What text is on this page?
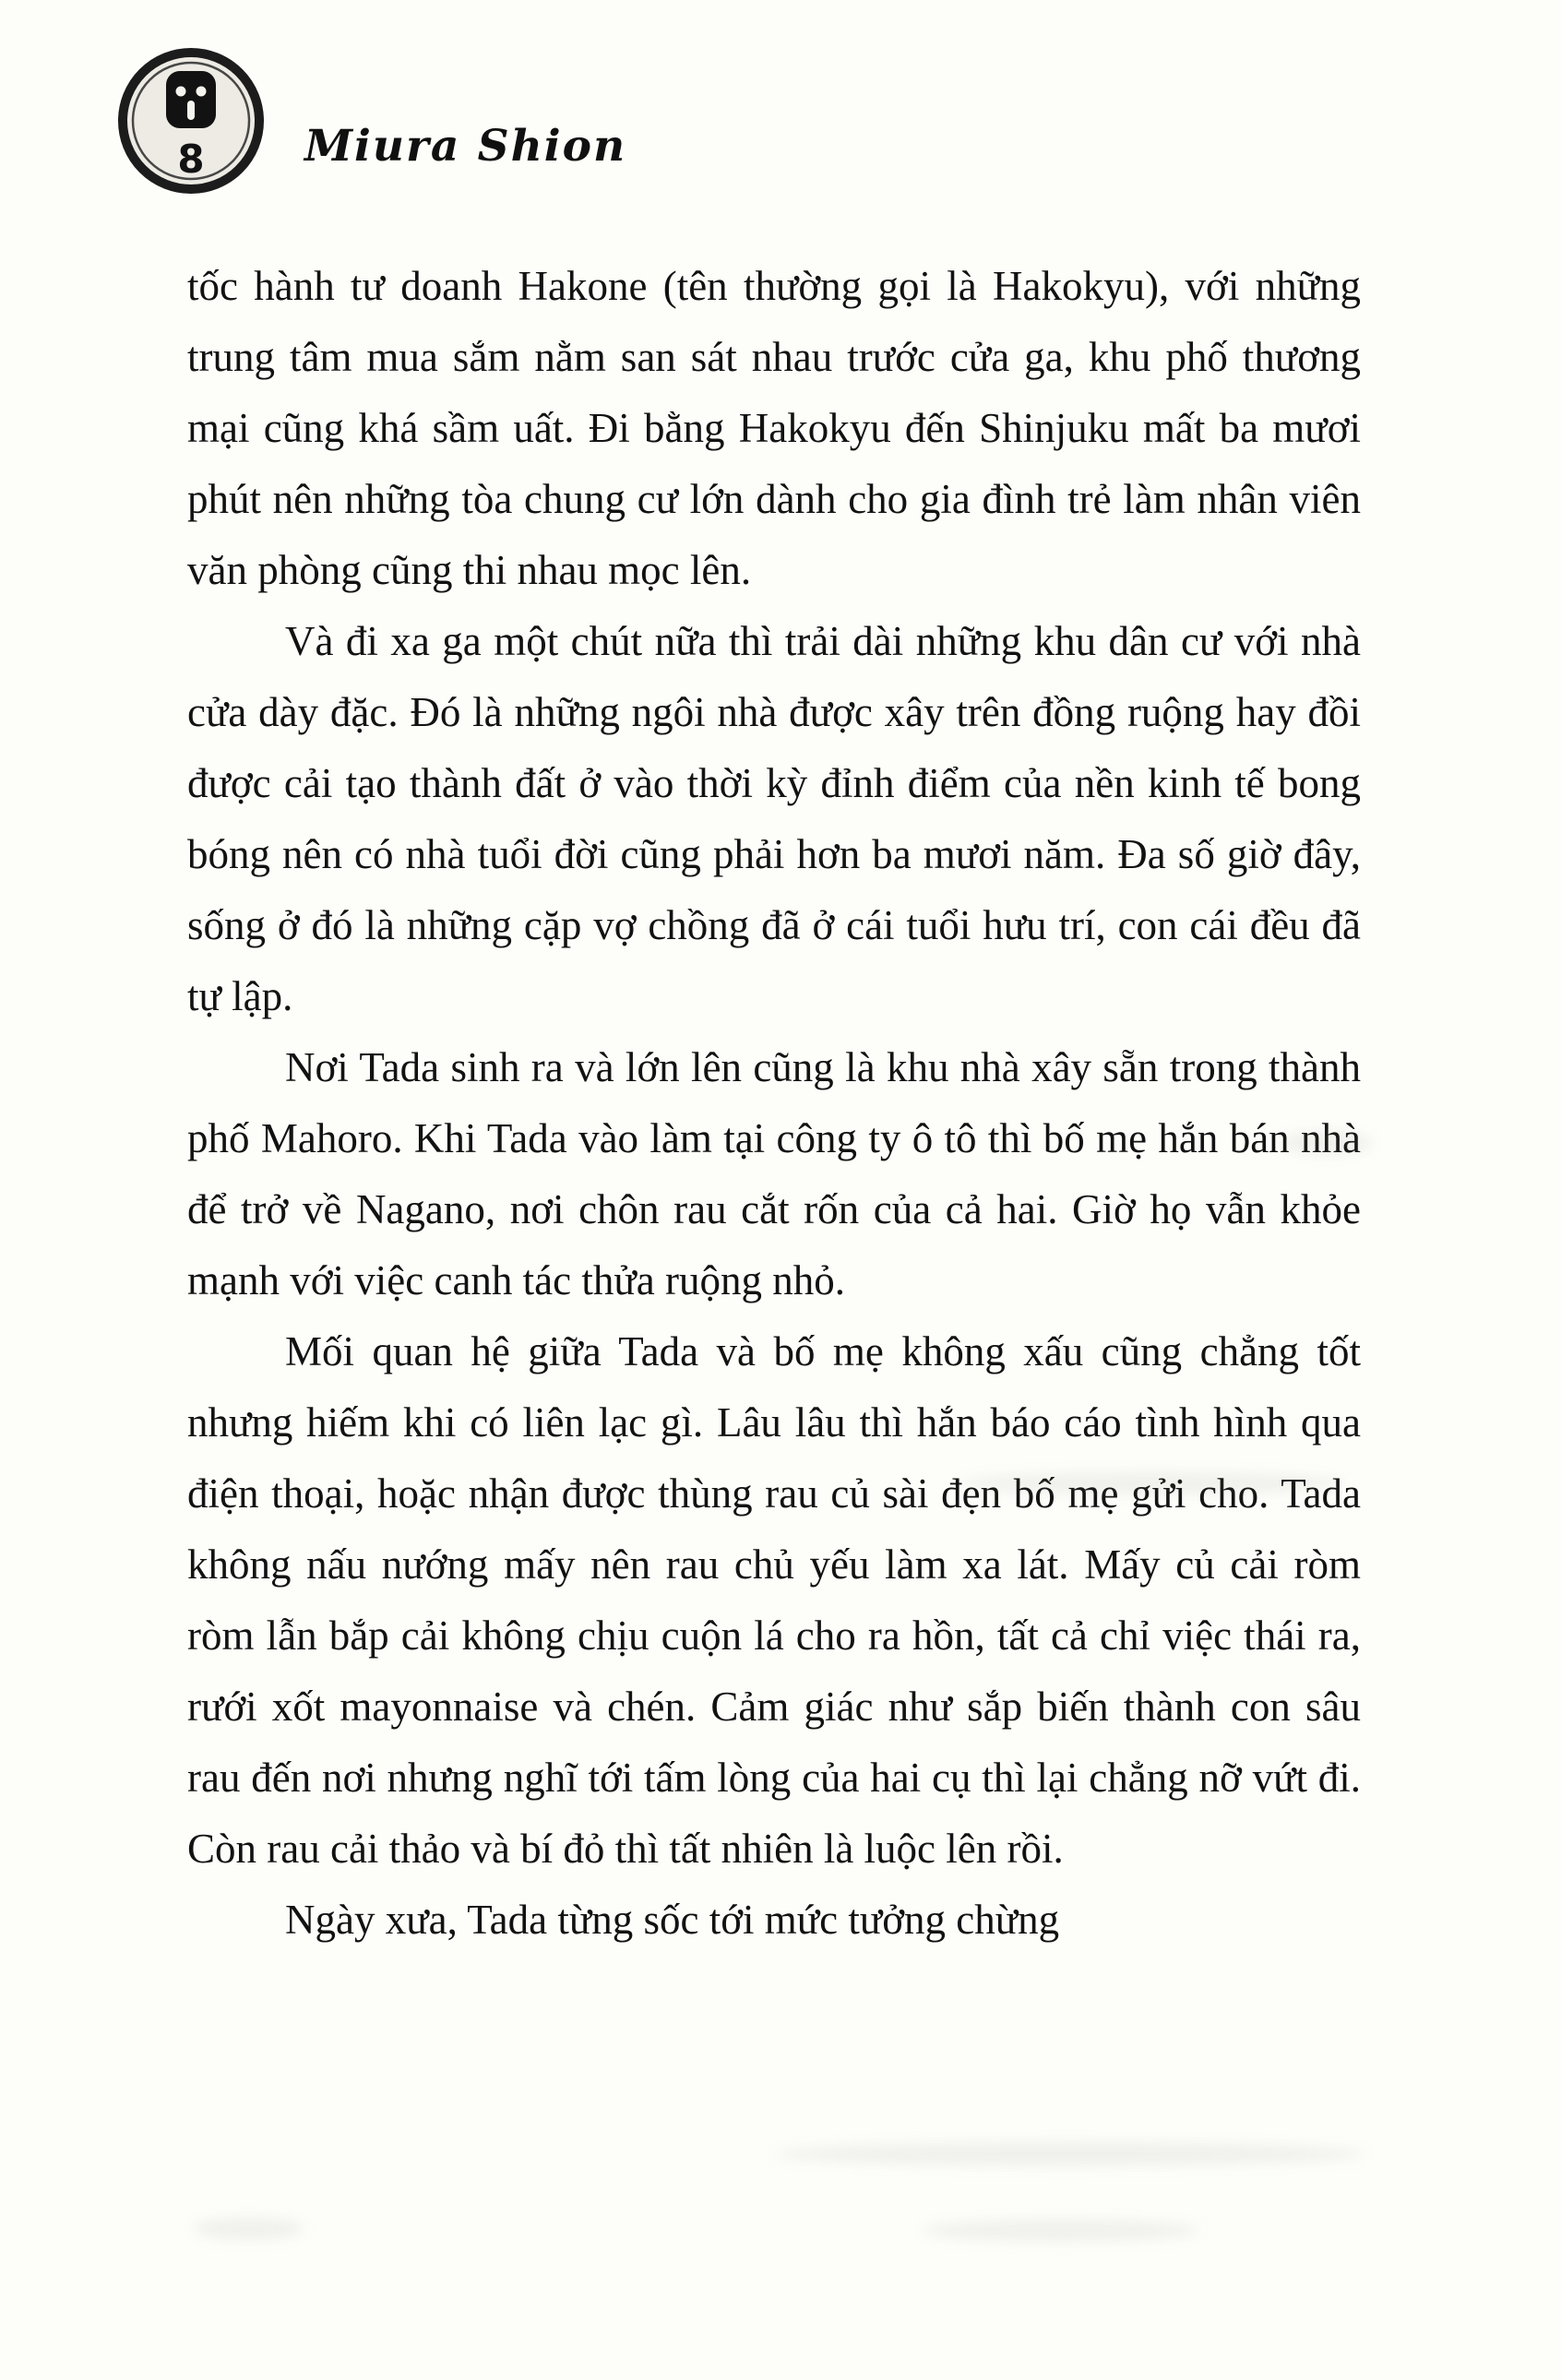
8 Miura Shion

tốc hành tư doanh Hakone (tên thường gọi là Hakokyu), với những trung tâm mua sắm nằm san sát nhau trước cửa ga, khu phố thương mại cũng khá sầm uất. Đi bằng Hakokyu đến Shinjuku mất ba mươi phút nên những tòa chung cư lớn dành cho gia đình trẻ làm nhân viên văn phòng cũng thi nhau mọc lên.

Và đi xa ga một chút nữa thì trải dài những khu dân cư với nhà cửa dày đặc. Đó là những ngôi nhà được xây trên đồng ruộng hay đồi được cải tạo thành đất ở vào thời kỳ đỉnh điểm của nền kinh tế bong bóng nên có nhà tuổi đời cũng phải hơn ba mươi năm. Đa số giờ đây, sống ở đó là những cặp vợ chồng đã ở cái tuổi hưu trí, con cái đều đã tự lập.

Nơi Tada sinh ra và lớn lên cũng là khu nhà xây sẵn trong thành phố Mahoro. Khi Tada vào làm tại công ty ô tô thì bố mẹ hắn bán nhà để trở về Nagano, nơi chôn rau cắt rốn của cả hai. Giờ họ vẫn khỏe mạnh với việc canh tác thửa ruộng nhỏ.

Mối quan hệ giữa Tada và bố mẹ không xấu cũng chẳng tốt nhưng hiếm khi có liên lạc gì. Lâu lâu thì hắn báo cáo tình hình qua điện thoại, hoặc nhận được thùng rau củ sài đẹn bố mẹ gửi cho. Tada không nấu nướng mấy nên rau chủ yếu làm xa lát. Mấy củ cải ròm ròm lẫn bắp cải không chịu cuộn lá cho ra hồn, tất cả chỉ việc thái ra, rưới xốt mayonnaise và chén. Cảm giác như sắp biến thành con sâu rau đến nơi nhưng nghĩ tới tấm lòng của hai cụ thì lại chẳng nỡ vứt đi. Còn rau cải thảo và bí đỏ thì tất nhiên là luộc lên rồi.

Ngày xưa, Tada từng sốc tới mức tưởng chừng
